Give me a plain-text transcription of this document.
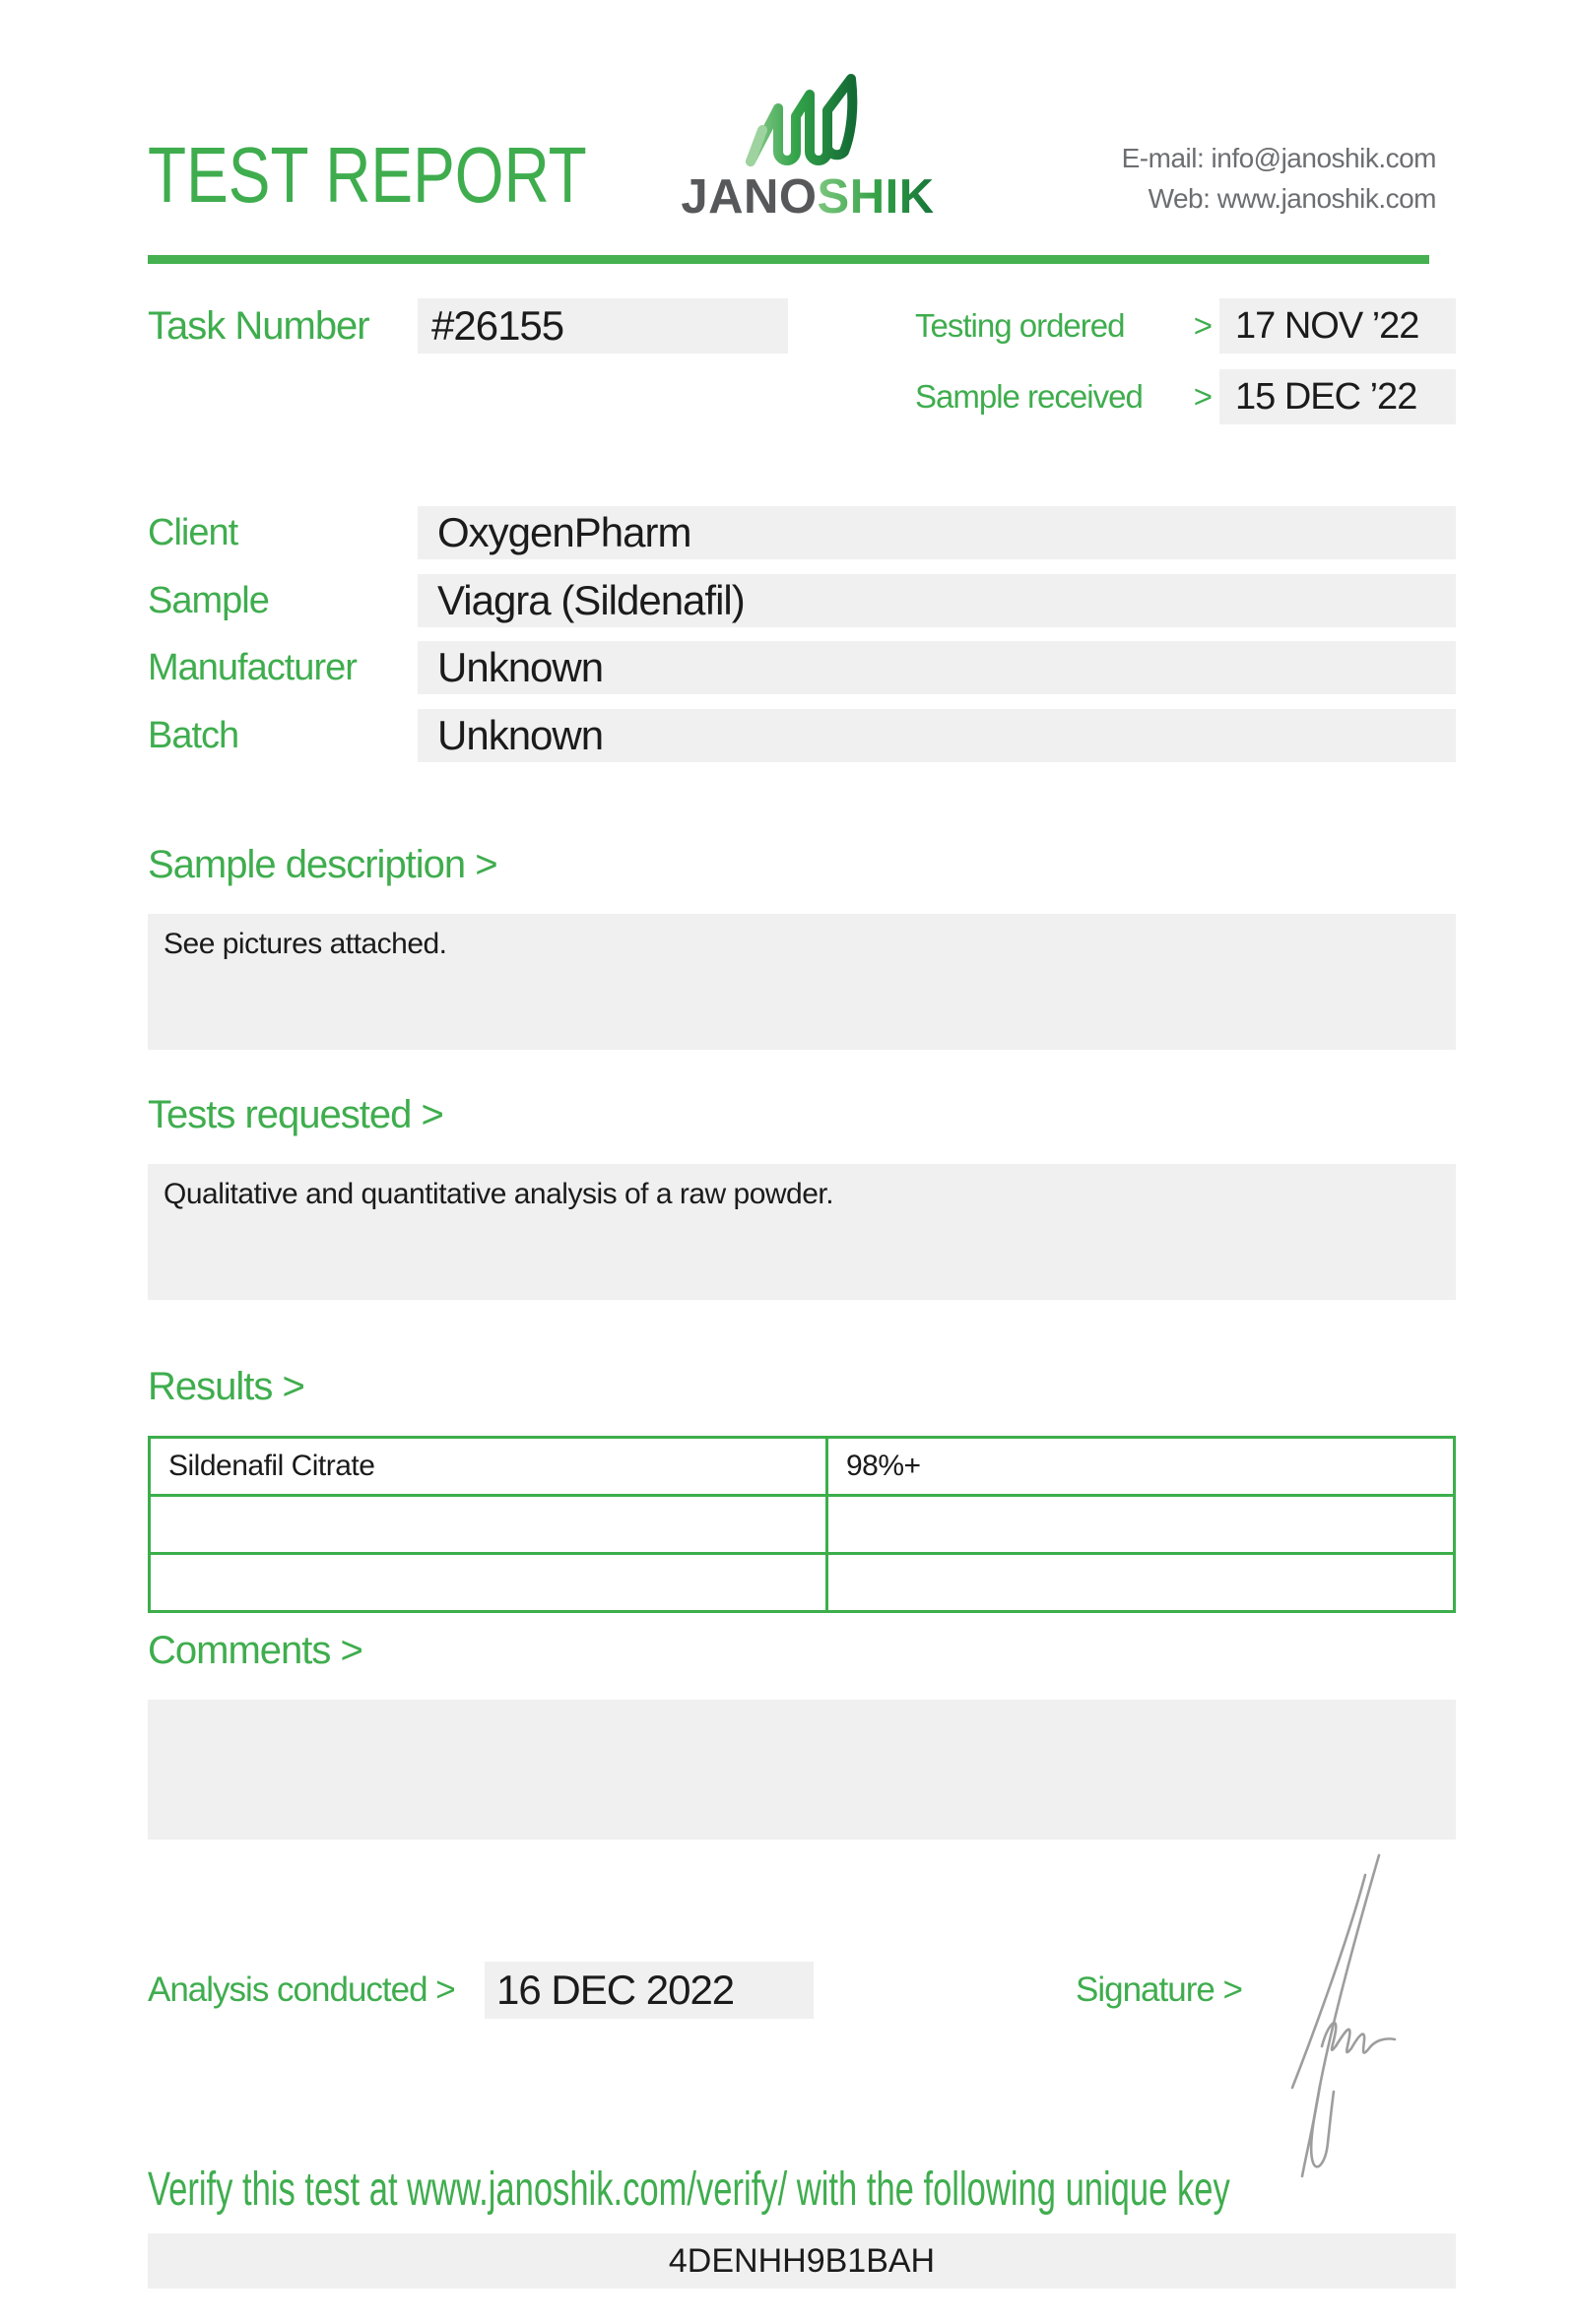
TEST REPORT	JANOSHIK
E-mail: info@janoshik.com
Web: www.janoshik.com
Task Number	#26155	Testing ordered > 17 NOV ’22
Sample received > 15 DEC ’22
Client	OxygenPharm
Sample	Viagra (Sildenafil)
Manufacturer	Unknown
Batch	Unknown
Sample description >
See pictures attached.
Tests requested >
Qualitative and quantitative analysis of a raw powder.
Results >
Sildenafil Citrate	98%+
Comments >
Analysis conducted > 16 DEC 2022	Signature >
Verify this test at www.janoshik.com/verify/ with the following unique key
4DENHH9B1BAH
